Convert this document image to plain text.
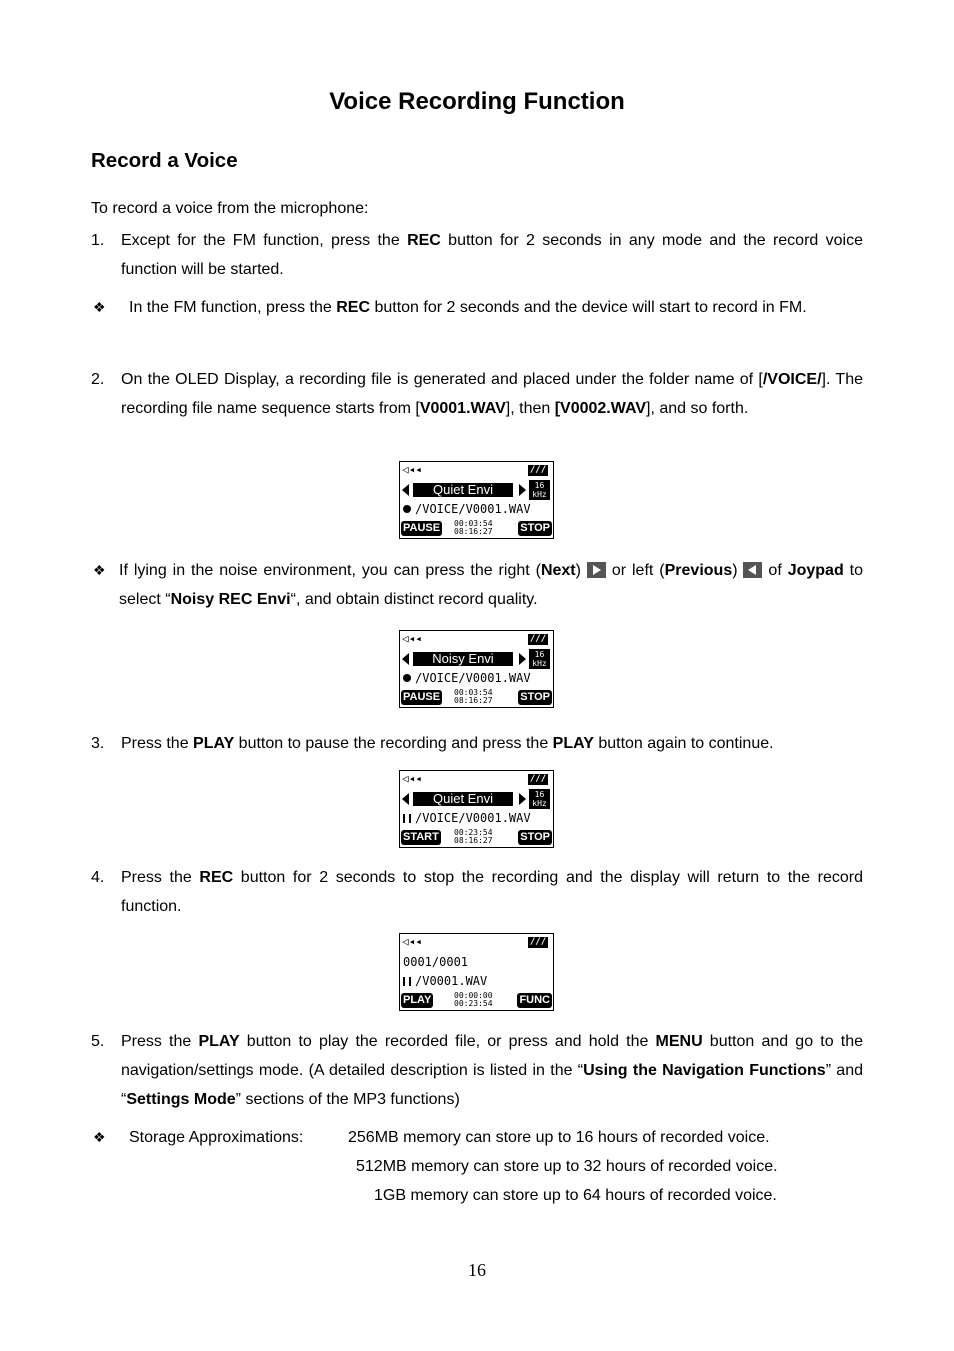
Voice Recording Function
Record a Voice
To record a voice from the microphone:
1. Except for the FM function, press the REC button for 2 seconds in any mode and the record voice function will be started.
❖ In the FM function, press the REC button for 2 seconds and the device will start to record in FM.
2. On the OLED Display, a recording file is generated and placed under the folder name of [/VOICE/]. The recording file name sequence starts from [V0001.WAV], then [V0002.WAV], and so forth.
◁◂◂	///
Quiet Envi	16
kHz
/VOICE/V0001.WAV
PAUSE 00:03:54
08:16:27	STOP
❖ If lying in the noise environment, you can press the right (Next)  or left (Previous)  of Joypad to select “Noisy REC Envi“, and obtain distinct record quality.
◁◂◂	///
Noisy Envi	16
kHz
/VOICE/V0001.WAV
PAUSE 00:03:54
08:16:27	STOP
3. Press the PLAY button to pause the recording and press the PLAY button again to continue.
◁◂◂	///
Quiet Envi	16
kHz
/VOICE/V0001.WAV
START 00:23:54
08:16:27	STOP
4. Press the REC button for 2 seconds to stop the recording and the display will return to the record function.
◁◂◂	///
0001/0001
/V0001.WAV
PLAY	00:00:00
00:23:54 FUNC
5. Press the PLAY button to play the recorded file, or press and hold the MENU button and go to the navigation/settings mode. (A detailed description is listed in the “Using the Navigation Functions” and “Settings Mode” sections of the MP3 functions)
❖ Storage Approximations:	256MB memory can store up to 16 hours of recorded voice.
512MB memory can store up to 32 hours of recorded voice.
1GB memory can store up to 64 hours of recorded voice.
16
